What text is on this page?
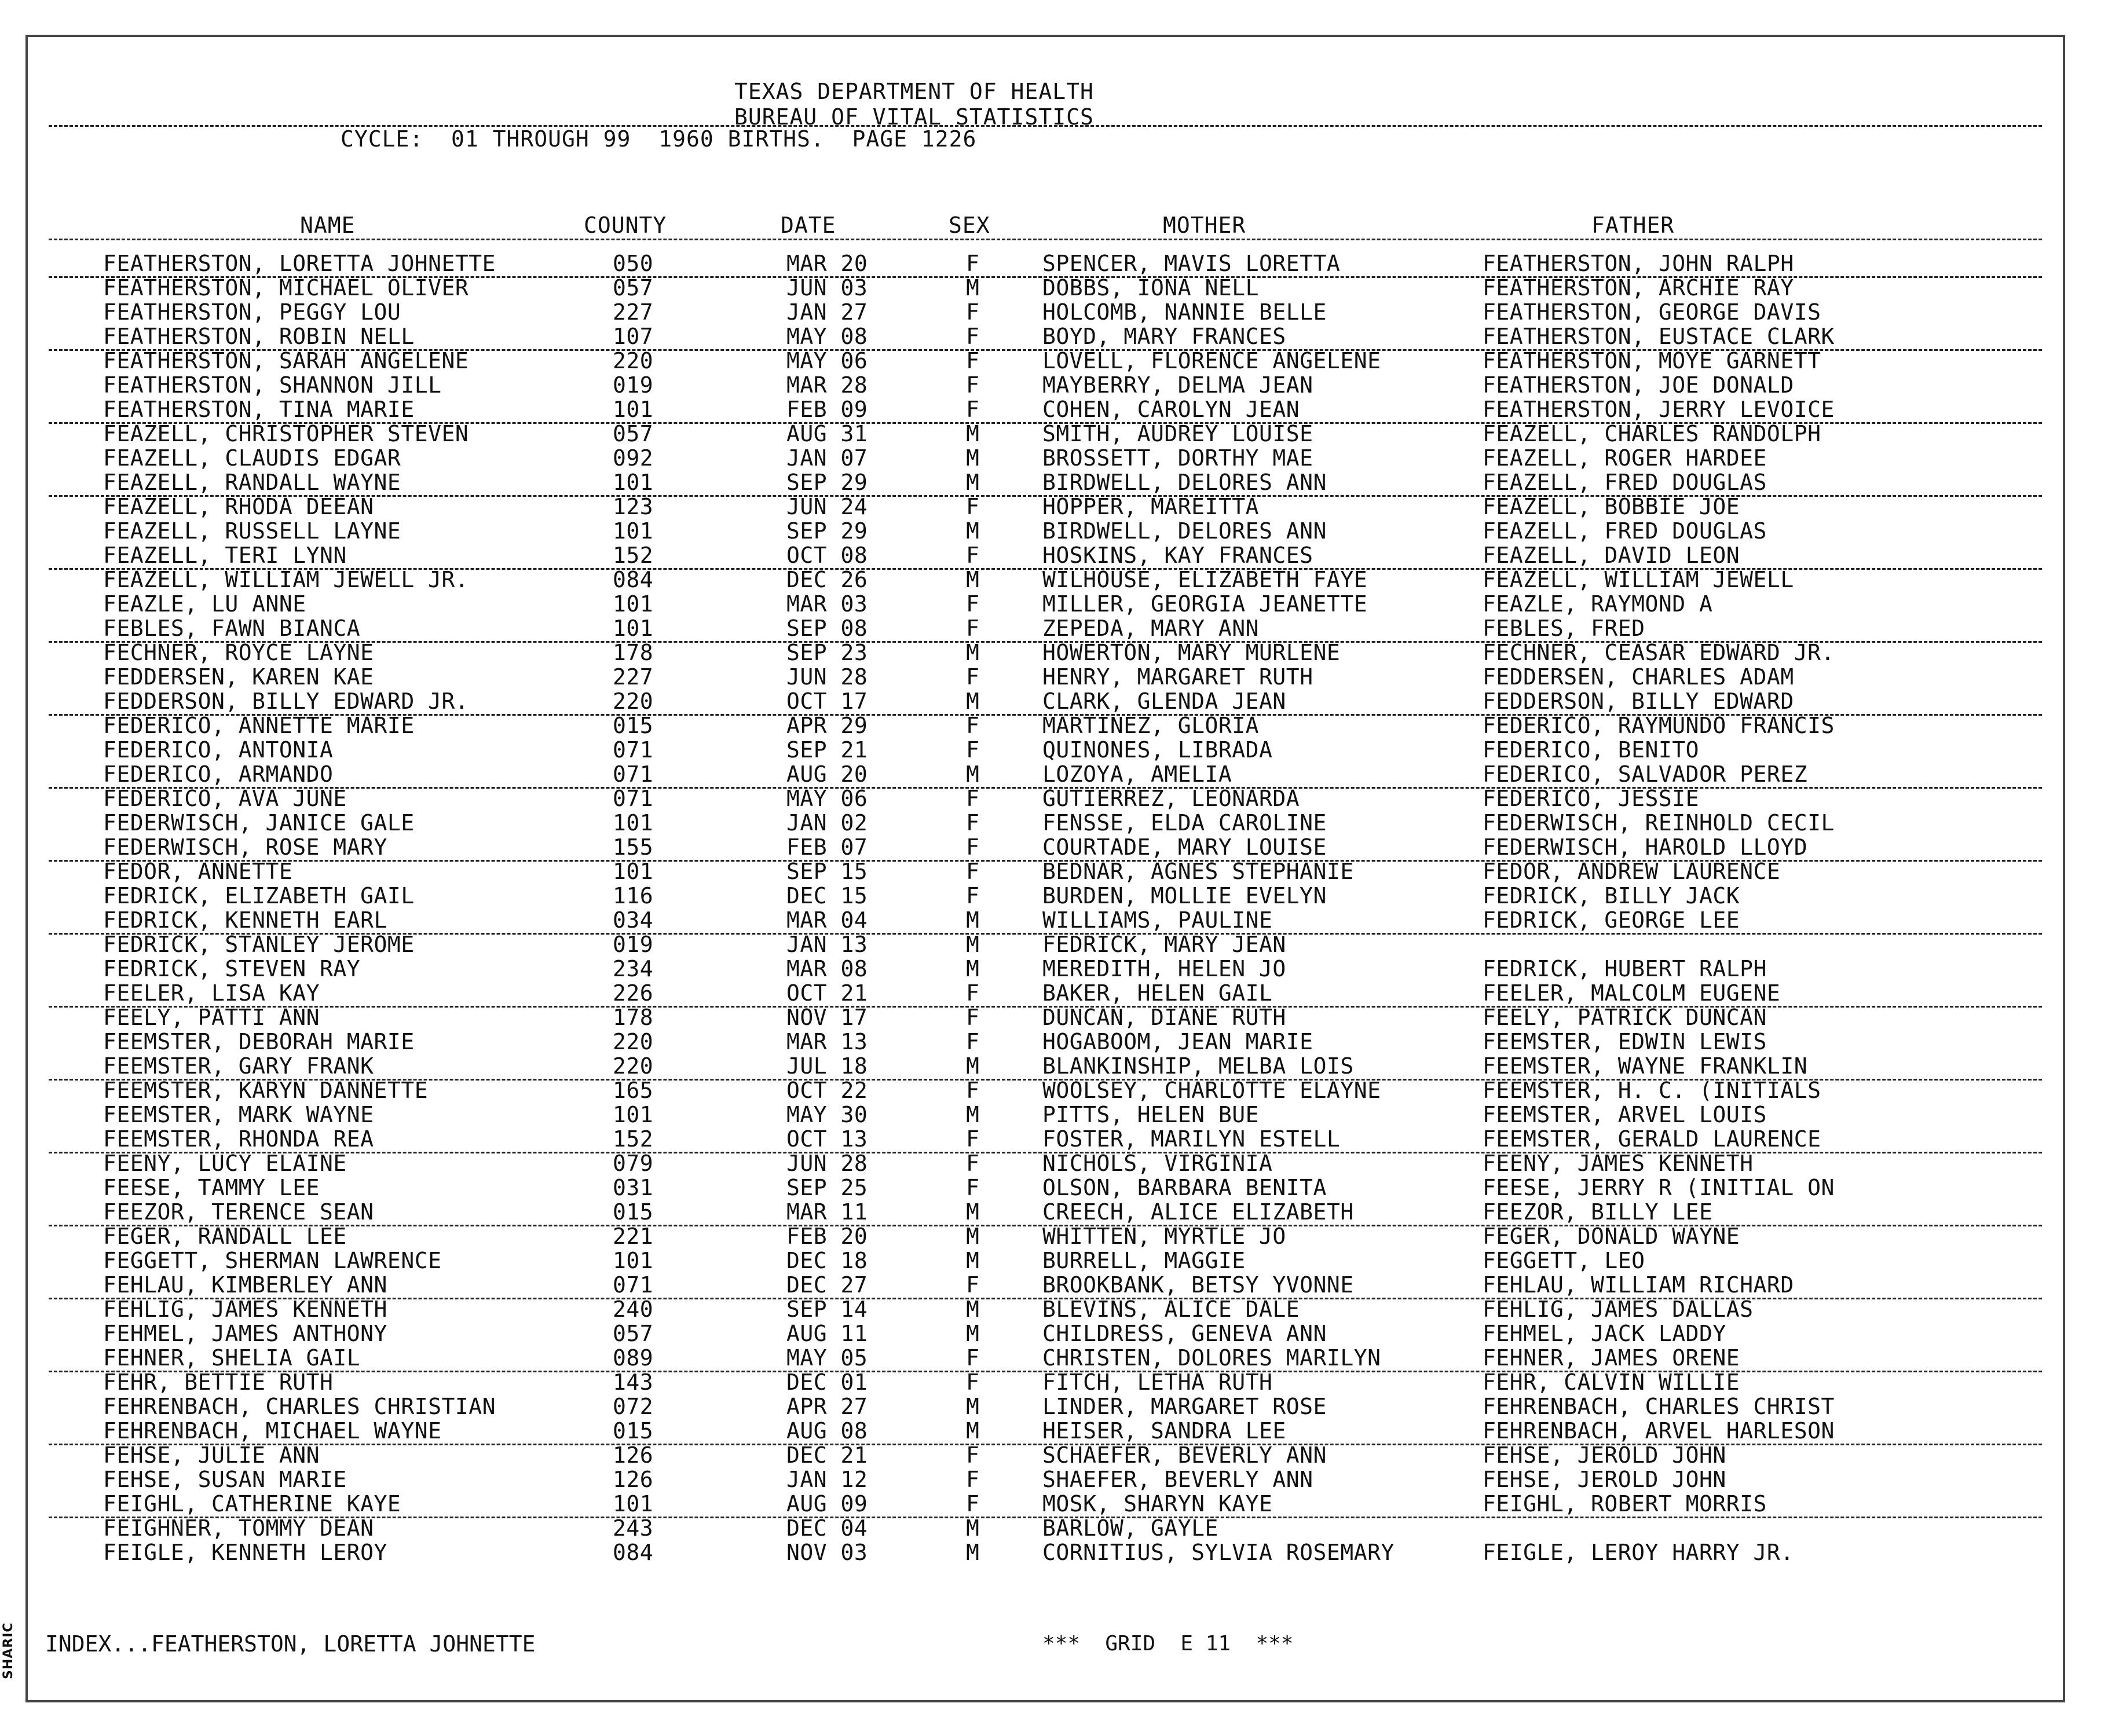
TEXAS DEPARTMENT OF HEALTH
BUREAU OF VITAL STATISTICS
CYCLE:  01 THROUGH 99  1960 BIRTHS.  PAGE 1226
NAME	COUNTY	DATE	SEX	MOTHER	FATHER
FEATHERSTON, LORETTA JOHNETTE	050	MAR 20	F	SPENCER, MAVIS LORETTA	FEATHERSTON, JOHN RALPH
FEATHERSTON, MICHAEL OLIVER	057	JUN 03	M	DOBBS, IONA NELL	FEATHERSTON, ARCHIE RAY
FEATHERSTON, PEGGY LOU	227	JAN 27	F	HOLCOMB, NANNIE BELLE	FEATHERSTON, GEORGE DAVIS
FEATHERSTON, ROBIN NELL	107	MAY 08	F	BOYD, MARY FRANCES	FEATHERSTON, EUSTACE CLARK
FEATHERSTON, SARAH ANGELENE	220	MAY 06	F	LOVELL, FLORENCE ANGELENE	FEATHERSTON, MOYE GARNETT
FEATHERSTON, SHANNON JILL	019	MAR 28	F	MAYBERRY, DELMA JEAN	FEATHERSTON, JOE DONALD
FEATHERSTON, TINA MARIE	101	FEB 09	F	COHEN, CAROLYN JEAN	FEATHERSTON, JERRY LEVOICE
FEAZELL, CHRISTOPHER STEVEN	057	AUG 31	M	SMITH, AUDREY LOUISE	FEAZELL, CHARLES RANDOLPH
FEAZELL, CLAUDIS EDGAR	092	JAN 07	M	BROSSETT, DORTHY MAE	FEAZELL, ROGER HARDEE
FEAZELL, RANDALL WAYNE	101	SEP 29	M	BIRDWELL, DELORES ANN	FEAZELL, FRED DOUGLAS
FEAZELL, RHODA DEEAN	123	JUN 24	F	HOPPER, MAREITTA	FEAZELL, BOBBIE JOE
FEAZELL, RUSSELL LAYNE	101	SEP 29	M	BIRDWELL, DELORES ANN	FEAZELL, FRED DOUGLAS
FEAZELL, TERI LYNN	152	OCT 08	F	HOSKINS, KAY FRANCES	FEAZELL, DAVID LEON
FEAZELL, WILLIAM JEWELL JR.	084	DEC 26	M	WILHOUSE, ELIZABETH FAYE	FEAZELL, WILLIAM JEWELL
FEAZLE, LU ANNE	101	MAR 03	F	MILLER, GEORGIA JEANETTE	FEAZLE, RAYMOND A
FEBLES, FAWN BIANCA	101	SEP 08	F	ZEPEDA, MARY ANN	FEBLES, FRED
FECHNER, ROYCE LAYNE	178	SEP 23	M	HOWERTON, MARY MURLENE	FECHNER, CEASAR EDWARD JR.
FEDDERSEN, KAREN KAE	227	JUN 28	F	HENRY, MARGARET RUTH	FEDDERSEN, CHARLES ADAM
FEDDERSON, BILLY EDWARD JR.	220	OCT 17	M	CLARK, GLENDA JEAN	FEDDERSON, BILLY EDWARD
FEDERICO, ANNETTE MARIE	015	APR 29	F	MARTINEZ, GLORIA	FEDERICO, RAYMUNDO FRANCIS
FEDERICO, ANTONIA	071	SEP 21	F	QUINONES, LIBRADA	FEDERICO, BENITO
FEDERICO, ARMANDO	071	AUG 20	M	LOZOYA, AMELIA	FEDERICO, SALVADOR PEREZ
FEDERICO, AVA JUNE	071	MAY 06	F	GUTIERREZ, LEONARDA	FEDERICO, JESSIE
FEDERWISCH, JANICE GALE	101	JAN 02	F	FENSSE, ELDA CAROLINE	FEDERWISCH, REINHOLD CECIL
FEDERWISCH, ROSE MARY	155	FEB 07	F	COURTADE, MARY LOUISE	FEDERWISCH, HAROLD LLOYD
FEDOR, ANNETTE	101	SEP 15	F	BEDNAR, AGNES STEPHANIE	FEDOR, ANDREW LAURENCE
FEDRICK, ELIZABETH GAIL	116	DEC 15	F	BURDEN, MOLLIE EVELYN	FEDRICK, BILLY JACK
FEDRICK, KENNETH EARL	034	MAR 04	M	WILLIAMS, PAULINE	FEDRICK, GEORGE LEE
FEDRICK, STANLEY JEROME	019	JAN 13	M	FEDRICK, MARY JEAN
FEDRICK, STEVEN RAY	234	MAR 08	M	MEREDITH, HELEN JO	FEDRICK, HUBERT RALPH
FEELER, LISA KAY	226	OCT 21	F	BAKER, HELEN GAIL	FEELER, MALCOLM EUGENE
FEELY, PATTI ANN	178	NOV 17	F	DUNCAN, DIANE RUTH	FEELY, PATRICK DUNCAN
FEEMSTER, DEBORAH MARIE	220	MAR 13	F	HOGABOOM, JEAN MARIE	FEEMSTER, EDWIN LEWIS
FEEMSTER, GARY FRANK	220	JUL 18	M	BLANKINSHIP, MELBA LOIS	FEEMSTER, WAYNE FRANKLIN
FEEMSTER, KARYN DANNETTE	165	OCT 22	F	WOOLSEY, CHARLOTTE ELAYNE	FEEMSTER, H. C. (INITIALS
FEEMSTER, MARK WAYNE	101	MAY 30	M	PITTS, HELEN BUE	FEEMSTER, ARVEL LOUIS
FEEMSTER, RHONDA REA	152	OCT 13	F	FOSTER, MARILYN ESTELL	FEEMSTER, GERALD LAURENCE
FEENY, LUCY ELAINE	079	JUN 28	F	NICHOLS, VIRGINIA	FEENY, JAMES KENNETH
FEESE, TAMMY LEE	031	SEP 25	F	OLSON, BARBARA BENITA	FEESE, JERRY R (INITIAL ON
FEEZOR, TERENCE SEAN	015	MAR 11	M	CREECH, ALICE ELIZABETH	FEEZOR, BILLY LEE
FEGER, RANDALL LEE	221	FEB 20	M	WHITTEN, MYRTLE JO	FEGER, DONALD WAYNE
FEGGETT, SHERMAN LAWRENCE	101	DEC 18	M	BURRELL, MAGGIE	FEGGETT, LEO
FEHLAU, KIMBERLEY ANN	071	DEC 27	F	BROOKBANK, BETSY YVONNE	FEHLAU, WILLIAM RICHARD
FEHLIG, JAMES KENNETH	240	SEP 14	M	BLEVINS, ALICE DALE	FEHLIG, JAMES DALLAS
FEHMEL, JAMES ANTHONY	057	AUG 11	M	CHILDRESS, GENEVA ANN	FEHMEL, JACK LADDY
FEHNER, SHELIA GAIL	089	MAY 05	F	CHRISTEN, DOLORES MARILYN	FEHNER, JAMES ORENE
FEHR, BETTIE RUTH	143	DEC 01	F	FITCH, LETHA RUTH	FEHR, CALVIN WILLIE
FEHRENBACH, CHARLES CHRISTIAN	072	APR 27	M	LINDER, MARGARET ROSE	FEHRENBACH, CHARLES CHRIST
FEHRENBACH, MICHAEL WAYNE	015	AUG 08	M	HEISER, SANDRA LEE	FEHRENBACH, ARVEL HARLESON
FEHSE, JULIE ANN	126	DEC 21	F	SCHAEFER, BEVERLY ANN	FEHSE, JEROLD JOHN
FEHSE, SUSAN MARIE	126	JAN 12	F	SHAEFER, BEVERLY ANN	FEHSE, JEROLD JOHN
FEIGHL, CATHERINE KAYE	101	AUG 09	F	MOSK, SHARYN KAYE	FEIGHL, ROBERT MORRIS
FEIGHNER, TOMMY DEAN	243	DEC 04	M	BARLOW, GAYLE
FEIGLE, KENNETH LEROY	084	NOV 03	M	CORNITIUS, SYLVIA ROSEMARY	FEIGLE, LEROY HARRY JR.
INDEX...FEATHERSTON, LORETTA JOHNETTE	***  GRID  E 11  ***
SHARIC
